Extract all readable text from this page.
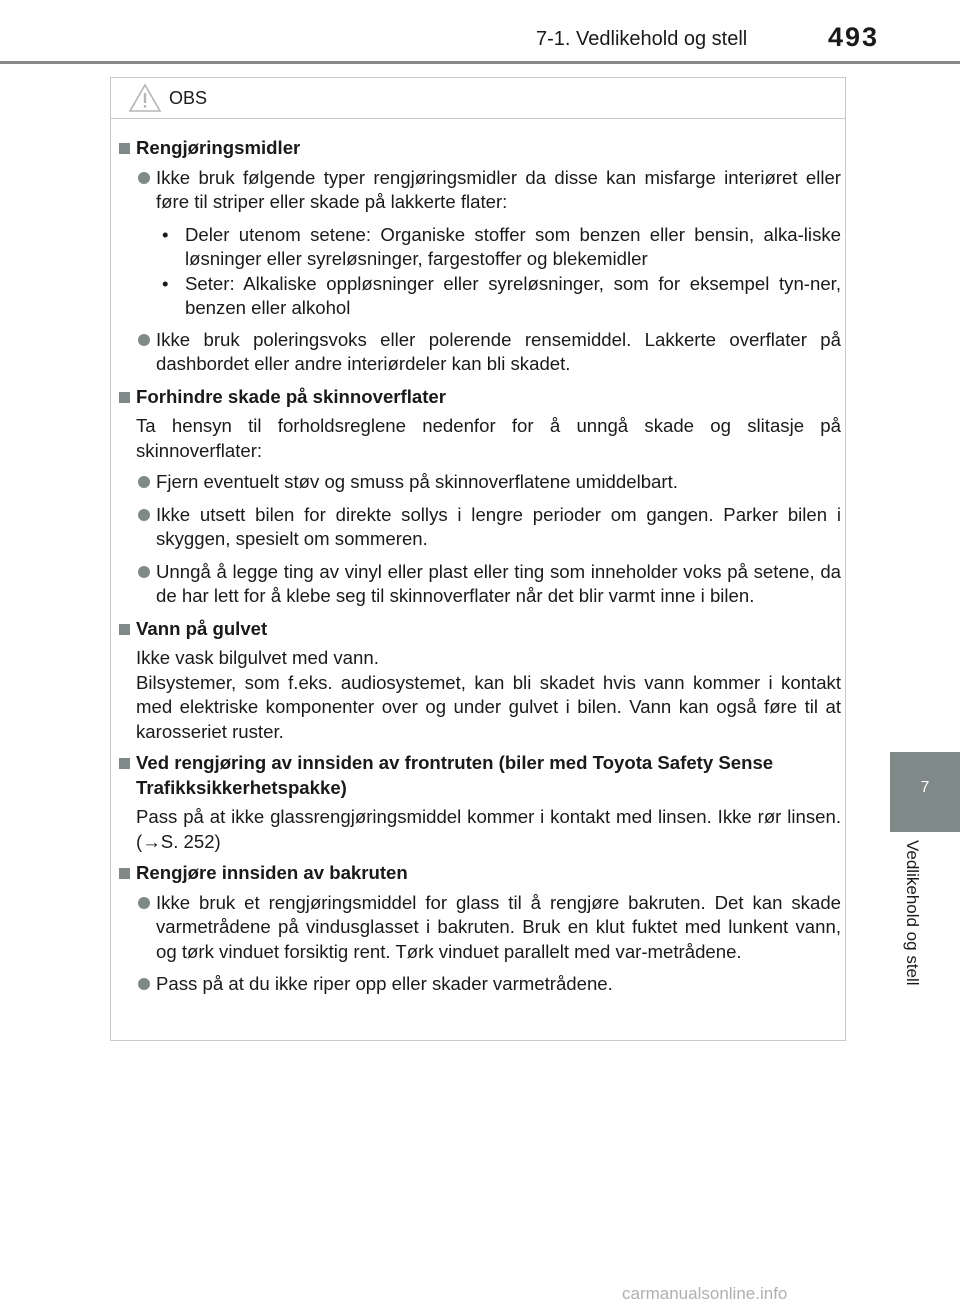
7-1. Vedlikehold og stell	493
7
Vedlikehold og stell
OBS
Rengjøringsmidler
Ikke bruk følgende typer rengjøringsmidler da disse kan misfarge interiøret eller føre til striper eller skade på lakkerte flater:
• Deler utenom setene: Organiske stoffer som benzen eller bensin, alka-liske løsninger eller syreløsninger, fargestoffer og blekemidler
• Seter: Alkaliske oppløsninger eller syreløsninger, som for eksempel tyn-ner, benzen eller alkohol
Ikke bruk poleringsvoks eller polerende rensemiddel. Lakkerte overflater på dashbordet eller andre interiørdeler kan bli skadet.
Forhindre skade på skinnoverflater
Ta hensyn til forholdsreglene nedenfor for å unngå skade og slitasje på skinnoverflater:
Fjern eventuelt støv og smuss på skinnoverflatene umiddelbart.
Ikke utsett bilen for direkte sollys i lengre perioder om gangen. Parker bilen i skyggen, spesielt om sommeren.
Unngå å legge ting av vinyl eller plast eller ting som inneholder voks på setene, da de har lett for å klebe seg til skinnoverflater når det blir varmt inne i bilen.
Vann på gulvet
Ikke vask bilgulvet med vann.
Bilsystemer, som f.eks. audiosystemet, kan bli skadet hvis vann kommer i kontakt med elektriske komponenter over og under gulvet i bilen. Vann kan også føre til at karosseriet ruster.
Ved rengjøring av innsiden av frontruten (biler med Toyota Safety Sense Trafikksikkerhetspakke)
Pass på at ikke glassrengjøringsmiddel kommer i kontakt med linsen. Ikke rør linsen. (→S. 252)
Rengjøre innsiden av bakruten
Ikke bruk et rengjøringsmiddel for glass til å rengjøre bakruten. Det kan skade varmetrådene på vindusglasset i bakruten. Bruk en klut fuktet med lunkent vann, og tørk vinduet forsiktig rent. Tørk vinduet parallelt med var-metrådene.
Pass på at du ikke riper opp eller skader varmetrådene.
carmanualsonline.info
